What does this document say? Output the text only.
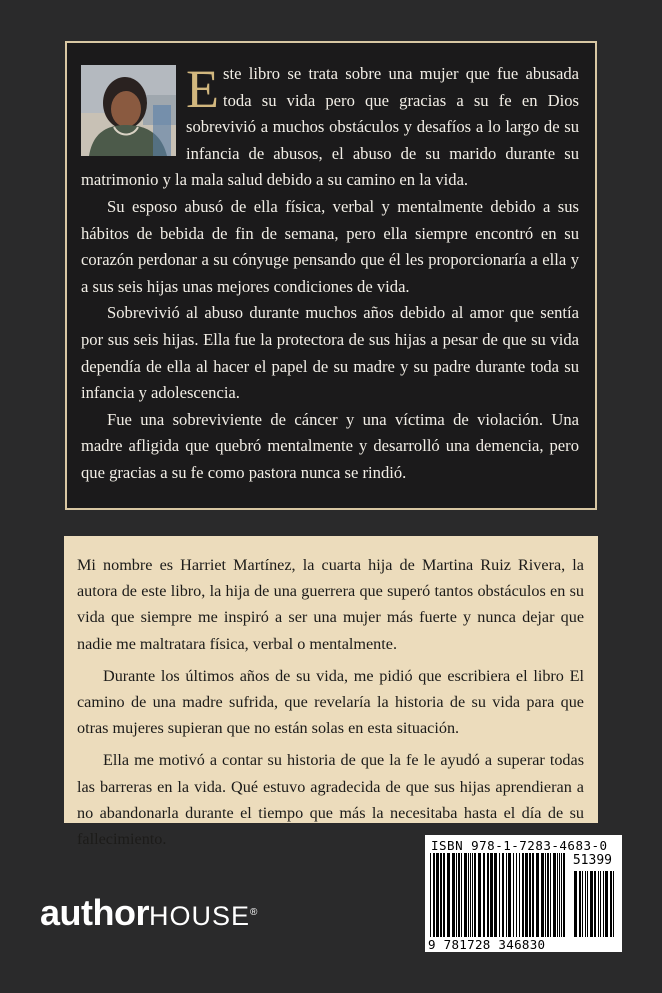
Este libro se trata sobre una mujer que fue abusada toda su vida pero que gracias a su fe en Dios sobrevivió a muchos obstáculos y desafíos a lo largo de su infancia de abusos, el abuso de su marido durante su matrimonio y la mala salud debido a su camino en la vida.

Su esposo abusó de ella física, verbal y mentalmente debido a sus hábitos de bebida de fin de semana, pero ella siempre encontró en su corazón perdonar a su cónyuge pensando que él les proporcionaría a ella y a sus seis hijas unas mejores condiciones de vida.

Sobrevivió al abuso durante muchos años debido al amor que sentía por sus seis hijas. Ella fue la protectora de sus hijas a pesar de que su vida dependía de ella al hacer el papel de su madre y su padre durante toda su infancia y adolescencia.

Fue una sobreviviente de cáncer y una víctima de violación. Una madre afligida que quebró mentalmente y desarrolló una demencia, pero que gracias a su fe como pastora nunca se rindió.

Mi nombre es Harriet Martínez, la cuarta hija de Martina Ruiz Rivera, la autora de este libro, la hija de una guerrera que superó tantos obstáculos en su vida que siempre me inspiró a ser una mujer más fuerte y nunca dejar que nadie me maltratara física, verbal o mentalmente.

Durante los últimos años de su vida, me pidió que escribiera el libro El camino de una madre sufrida, que revelaría la historia de su vida para que otras mujeres supieran que no están solas en esta situación.

Ella me motivó a contar su historia de que la fe le ayudó a superar todas las barreras en la vida. Qué estuvo agradecida de que sus hijas aprendieran a no abandonarla durante el tiempo que más la necesitaba hasta el día de su fallecimiento.

authorHOUSE®
ISBN 978-1-7283-4683-0
51399
9 781728 346830
